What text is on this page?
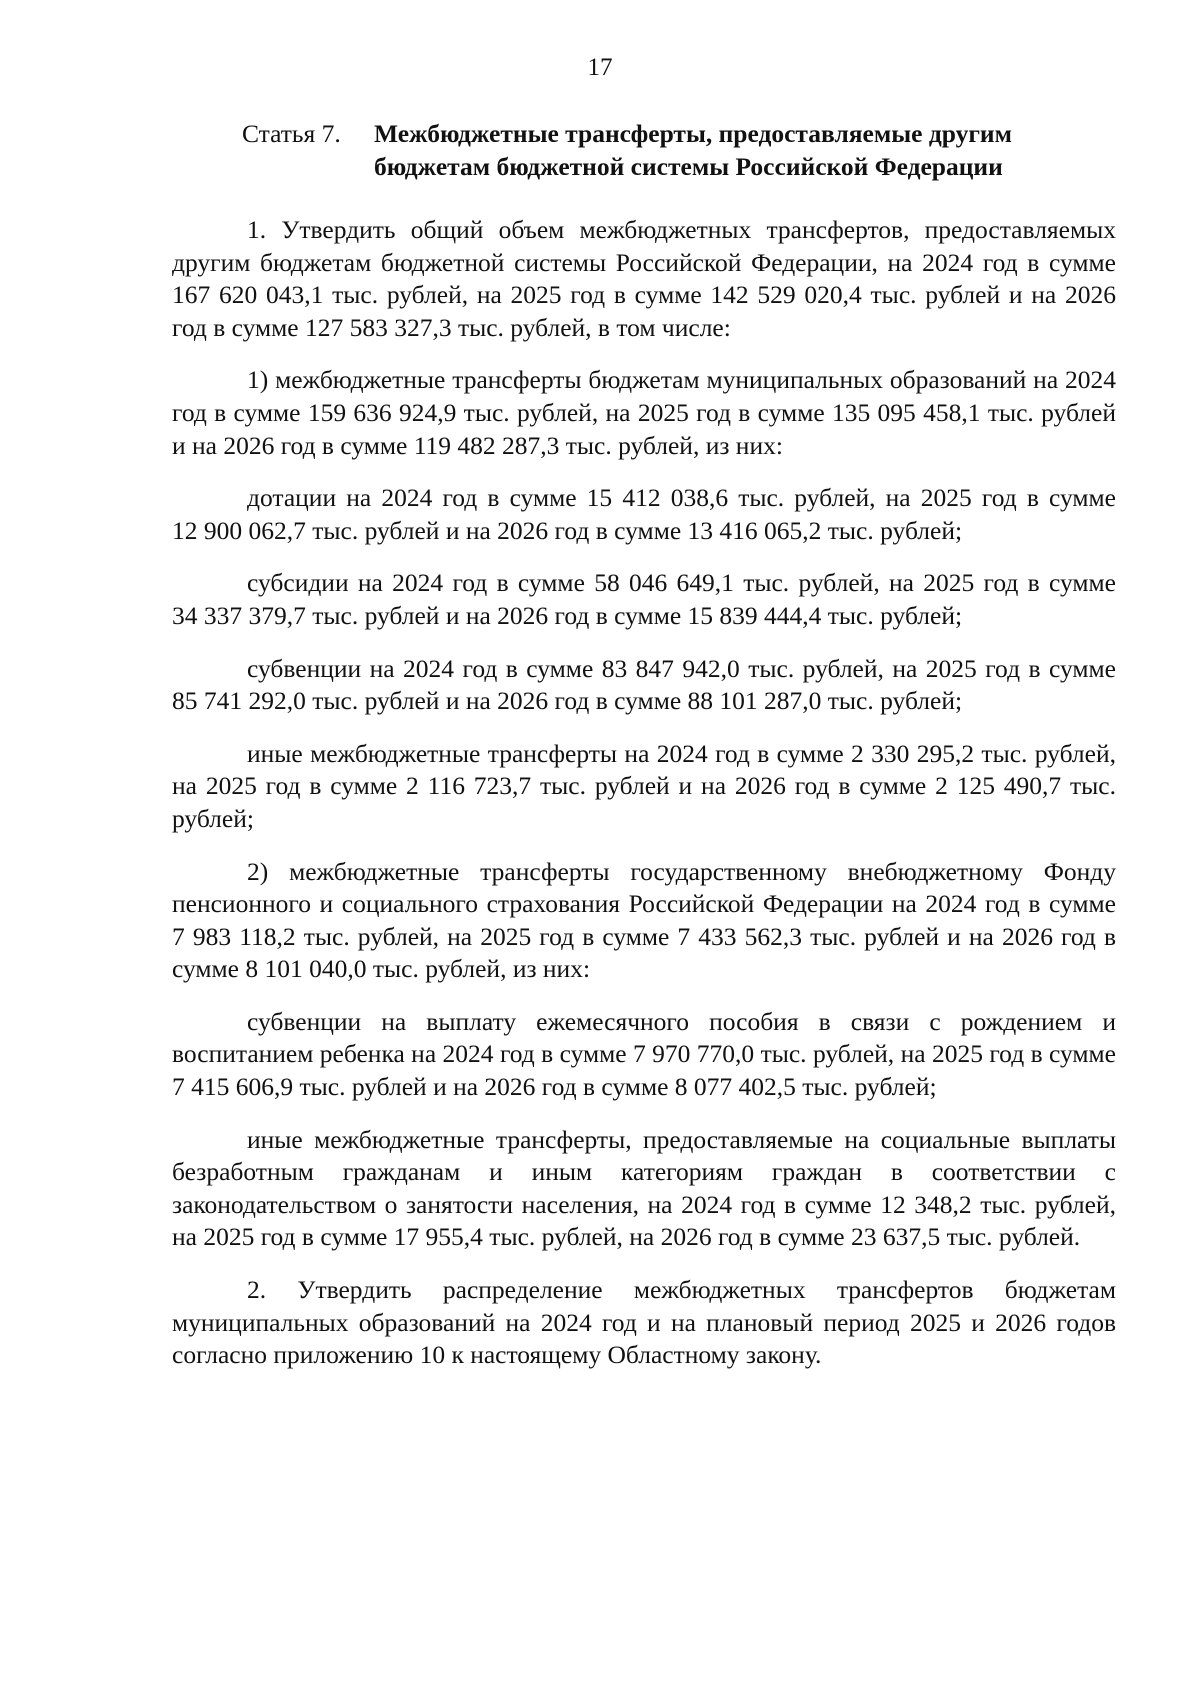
17
Статья 7.	Межбюджетные трансферты, предоставляемые другим
бюджетам бюджетной системы Российской Федерации

1. Утвердить общий объем межбюджетных трансфертов, предоставляемых другим бюджетам бюджетной системы Российской Федерации, на 2024 год в сумме 167 620 043,1 тыс. рублей, на 2025 год в сумме 142 529 020,4 тыс. рублей и на 2026 год в сумме 127 583 327,3 тыс. рублей, в том числе:

1) межбюджетные трансферты бюджетам муниципальных образований на 2024 год в сумме 159 636 924,9 тыс. рублей, на 2025 год в сумме 135 095 458,1 тыс. рублей и на 2026 год в сумме 119 482 287,3 тыс. рублей, из них:

дотации на 2024 год в сумме 15 412 038,6 тыс. рублей, на 2025 год в сумме 12 900 062,7 тыс. рублей и на 2026 год в сумме 13 416 065,2 тыс. рублей;

субсидии на 2024 год в сумме 58 046 649,1 тыс. рублей, на 2025 год в сумме 34 337 379,7 тыс. рублей и на 2026 год в сумме 15 839 444,4 тыс. рублей;

субвенции на 2024 год в сумме 83 847 942,0 тыс. рублей, на 2025 год в сумме 85 741 292,0 тыс. рублей и на 2026 год в сумме 88 101 287,0 тыс. рублей;

иные межбюджетные трансферты на 2024 год в сумме 2 330 295,2 тыс. рублей, на 2025 год в сумме 2 116 723,7 тыс. рублей и на 2026 год в сумме 2 125 490,7 тыс. рублей;

2) межбюджетные трансферты государственному внебюджетному Фонду пенсионного и социального страхования Российской Федерации на 2024 год в сумме 7 983 118,2 тыс. рублей, на 2025 год в сумме 7 433 562,3 тыс. рублей и на 2026 год в сумме 8 101 040,0 тыс. рублей, из них:

субвенции на выплату ежемесячного пособия в связи с рождением и воспитанием ребенка на 2024 год в сумме 7 970 770,0 тыс. рублей, на 2025 год в сумме 7 415 606,9 тыс. рублей и на 2026 год в сумме 8 077 402,5 тыс. рублей;

иные межбюджетные трансферты, предоставляемые на социальные выплаты безработным гражданам и иным категориям граждан в соответствии с законодательством о занятости населения, на 2024 год в сумме 12 348,2 тыс. рублей, на 2025 год в сумме 17 955,4 тыс. рублей, на 2026 год в сумме 23 637,5 тыс. рублей.

2. Утвердить распределение межбюджетных трансфертов бюджетам муниципальных образований на 2024 год и на плановый период 2025 и 2026 годов согласно приложению 10 к настоящему Областному закону.
